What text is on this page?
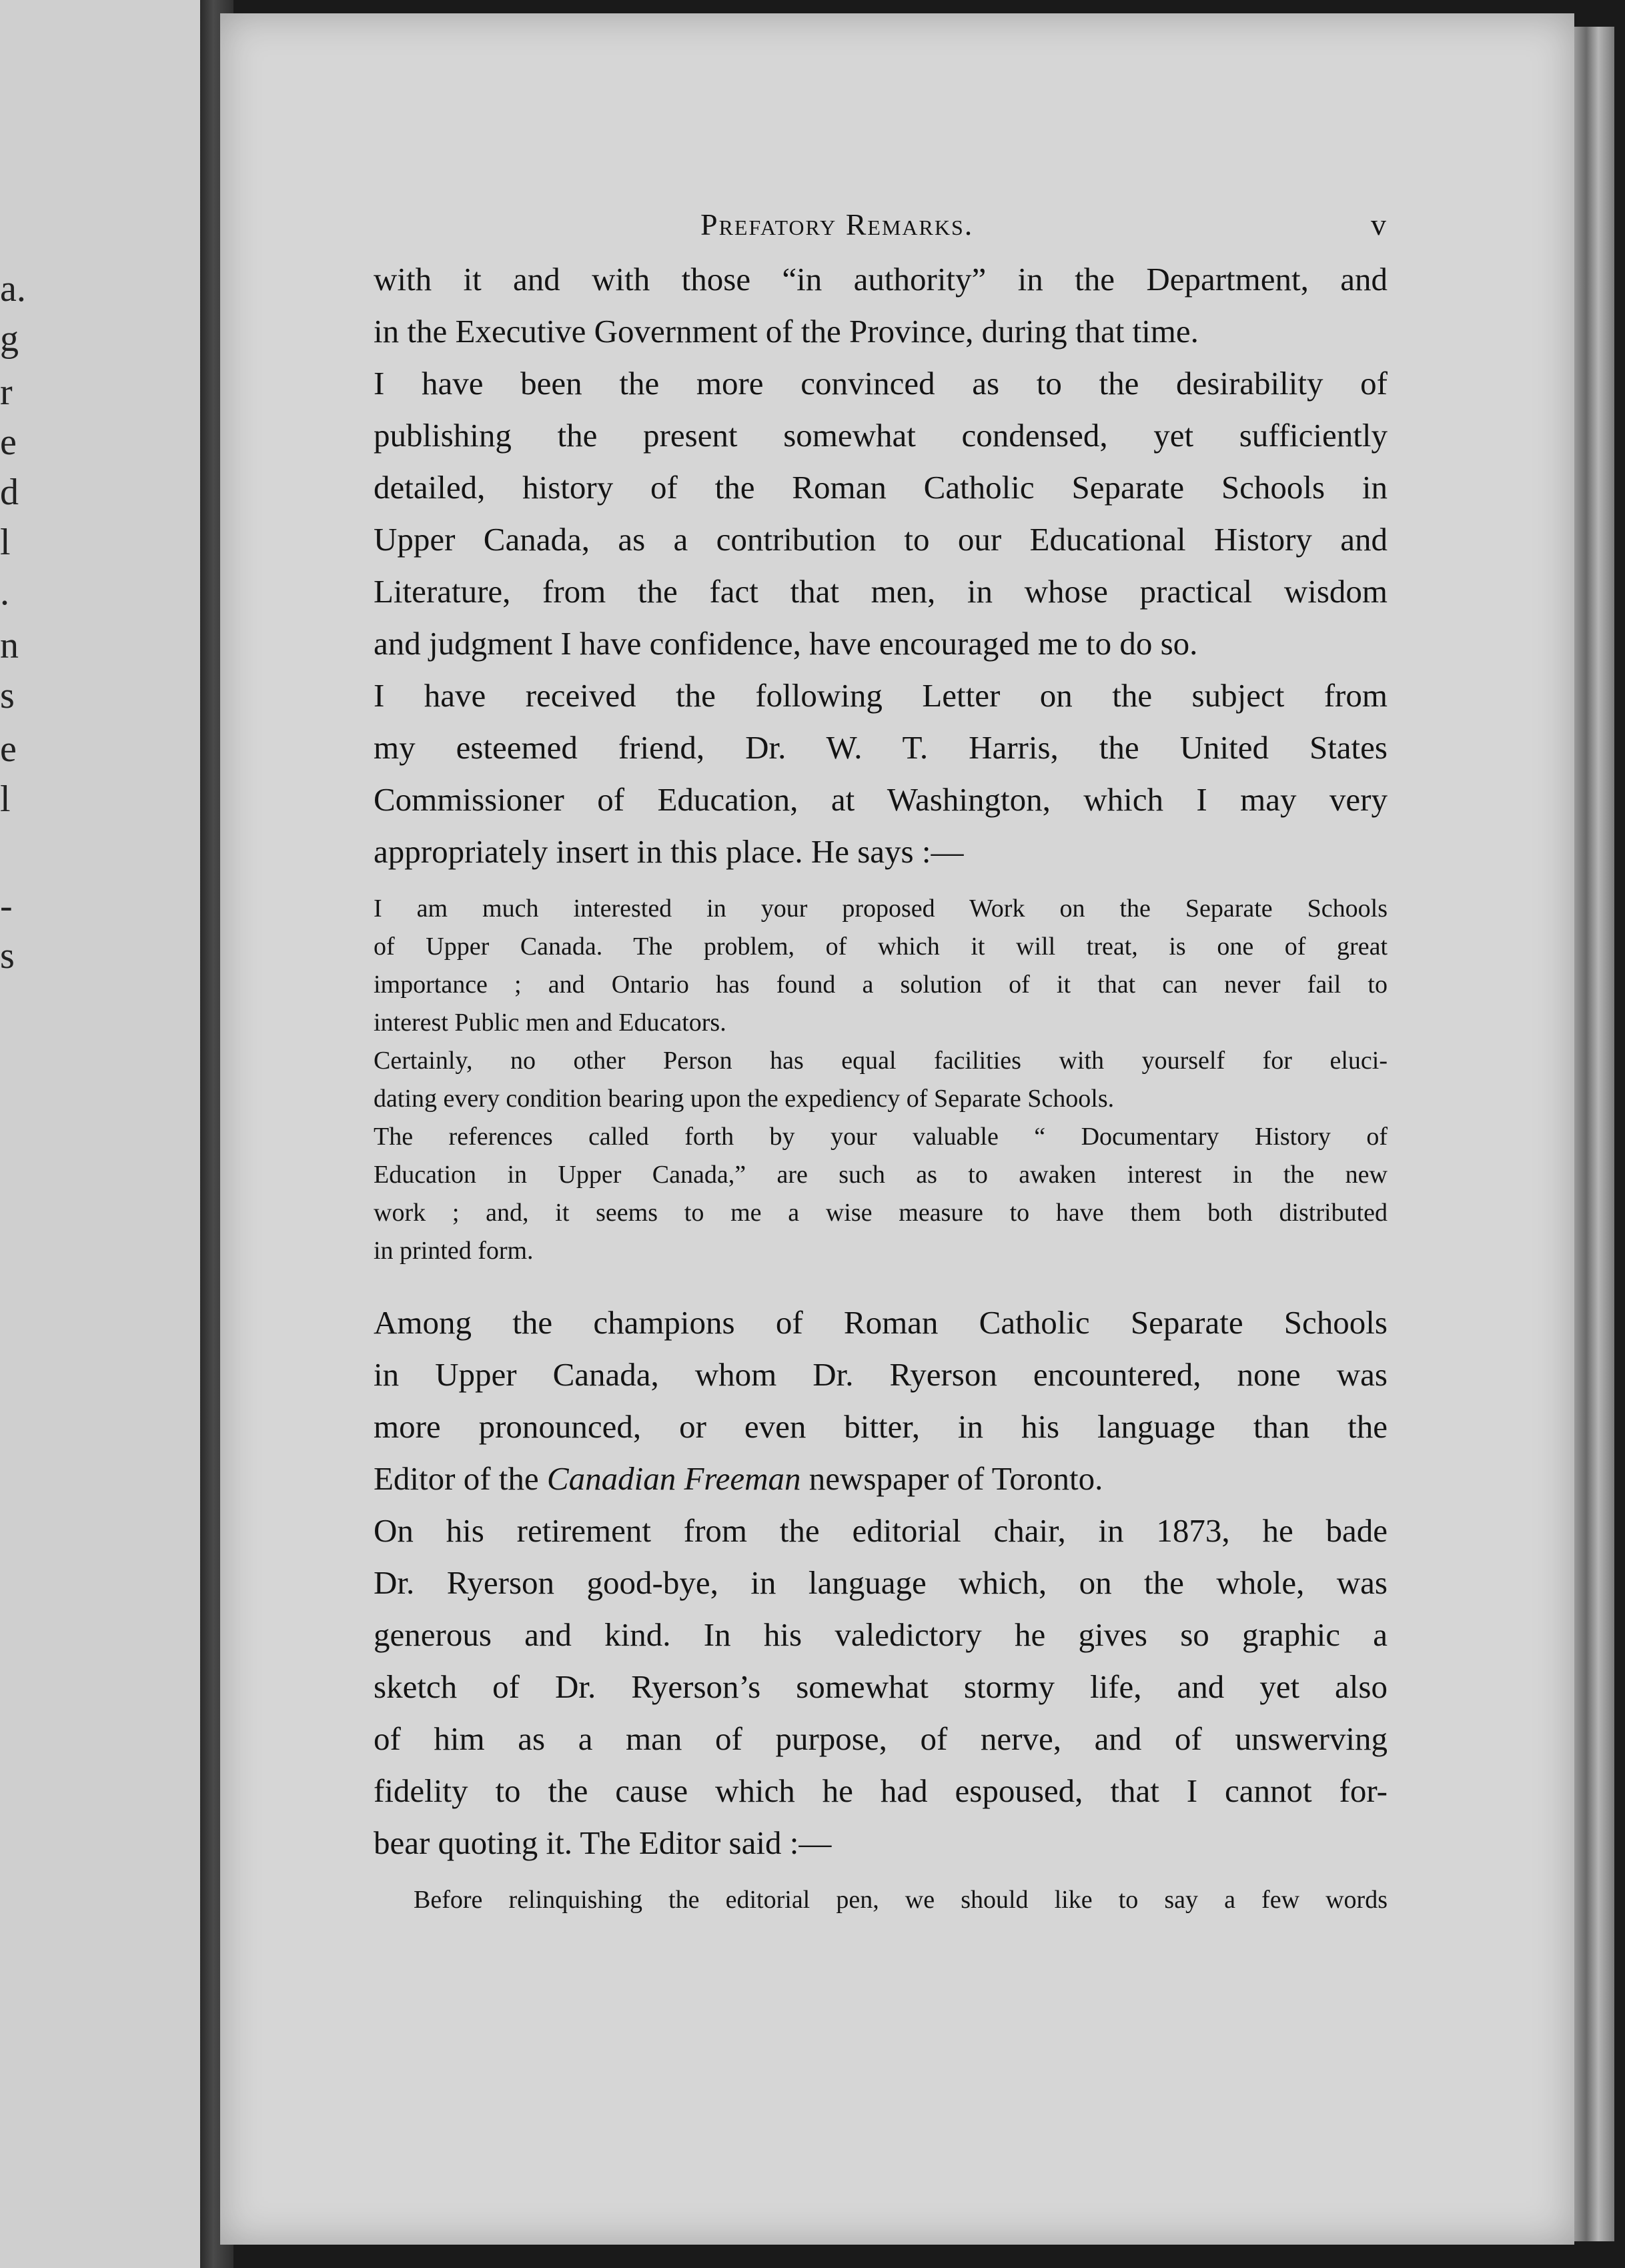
a.
g
r
e
d
l
.
n
s
e
l
-
s
Prefatory Remarks.	v
with it and with those “in authority” in the Department, and
in the Executive Government of the Province, during that time.
I have been the more convinced as to the desirability of
publishing the present somewhat condensed, yet sufficiently
detailed, history of the Roman Catholic Separate Schools in
Upper Canada, as a contribution to our Educational History and
Literature, from the fact that men, in whose practical wisdom
and judgment I have confidence, have encouraged me to do so.
I have received the following Letter on the subject from
my esteemed friend, Dr. W. T. Harris, the United States
Commissioner of Education, at Washington, which I may very
appropriately insert in this place. He says :—
I am much interested in your proposed Work on the Separate Schools
of Upper Canada. The problem, of which it will treat, is one of great
importance ; and Ontario has found a solution of it that can never fail to
interest Public men and Educators.
Certainly, no other Person has equal facilities with yourself for eluci-
dating every condition bearing upon the expediency of Separate Schools.
The references called forth by your valuable “ Documentary History of
Education in Upper Canada,” are such as to awaken interest in the new
work ; and, it seems to me a wise measure to have them both distributed
in printed form.
Among the champions of Roman Catholic Separate Schools
in Upper Canada, whom Dr. Ryerson encountered, none was
more pronounced, or even bitter, in his language than the
Editor of the Canadian Freeman newspaper of Toronto.
On his retirement from the editorial chair, in 1873, he bade
Dr. Ryerson good-bye, in language which, on the whole, was
generous and kind. In his valedictory he gives so graphic a
sketch of Dr. Ryerson’s somewhat stormy life, and yet also
of him as a man of purpose, of nerve, and of unswerving
fidelity to the cause which he had espoused, that I cannot for-
bear quoting it. The Editor said :—
Before relinquishing the editorial pen, we should like to say a few words
